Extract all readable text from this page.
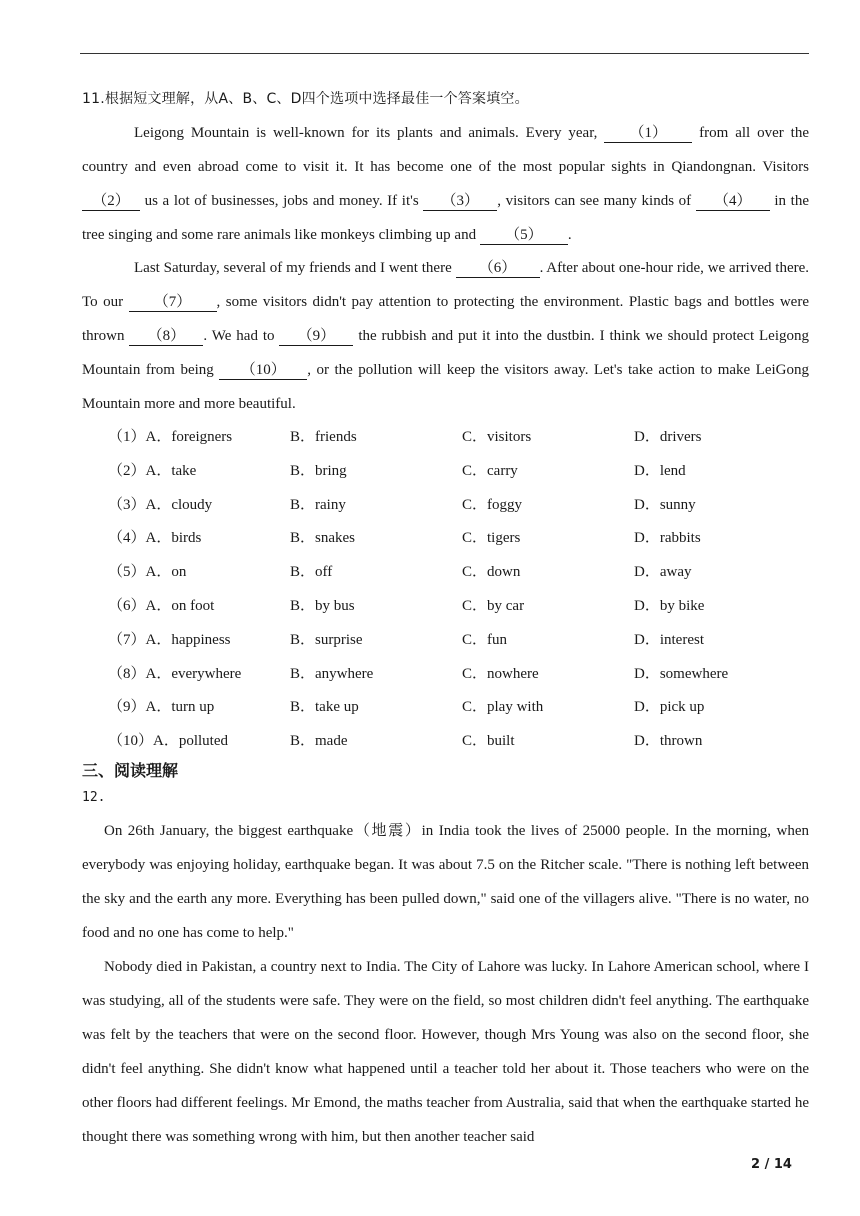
11.根据短文理解，从A、B、C、D四个选项中选择最佳一个答案填空。
Leigong Mountain is well-known for its plants and animals. Every year, （1） from all over the country and even abroad come to visit it. It has become one of the most popular sights in Qiandongnan. Visitors （2） us a lot of businesses, jobs and money. If it's （3） , visitors can see many kinds of （4） in the tree singing and some rare animals like monkeys climbing up and （5） .
Last Saturday, several of my friends and I went there （6） . After about one-hour ride, we arrived there. To our （7） , some visitors didn't pay attention to protecting the environment. Plastic bags and bottles were thrown （8） . We had to （9） the rubbish and put it into the dustbin. I think we should protect Leigong Mountain from being （10） , or the pollution will keep the visitors away. Let's take action to make LeiGong Mountain more and more beautiful.
（1）A．foreigners	B．friends	C．visitors	D．drivers
（2）A．take	B．bring	C．carry	D．lend
（3）A．cloudy	B．rainy	C．foggy	D．sunny
（4）A．birds	B．snakes	C．tigers	D．rabbits
（5）A．on	B．off	C．down	D．away
（6）A．on foot	B．by bus	C．by car	D．by bike
（7）A．happiness	B．surprise	C．fun	D．interest
（8）A．everywhere	B．anywhere	C．nowhere	D．somewhere
（9）A．turn up	B．take up	C．play with	D．pick up
（10）A．polluted	B．made	C．built	D．thrown
三、阅读理解
12.
On 26th January, the biggest earthquake（地震）in India took the lives of 25000 people. In the morning, when everybody was enjoying holiday, earthquake began. It was about 7.5 on the Ritcher scale. "There is nothing left between the sky and the earth any more. Everything has been pulled down," said one of the villagers alive. "There is no water, no food and no one has come to help."
Nobody died in Pakistan, a country next to India. The City of Lahore was lucky. In Lahore American school, where I was studying, all of the students were safe. They were on the field, so most children didn't feel anything. The earthquake was felt by the teachers that were on the second floor. However, though Mrs Young was also on the second floor, she didn't feel anything. She didn't know what happened until a teacher told her about it. Those teachers who were on the other floors had different feelings. Mr Emond, the maths teacher from Australia, said that when the earthquake started he thought there was something wrong with him, but then another teacher said
2 / 14
